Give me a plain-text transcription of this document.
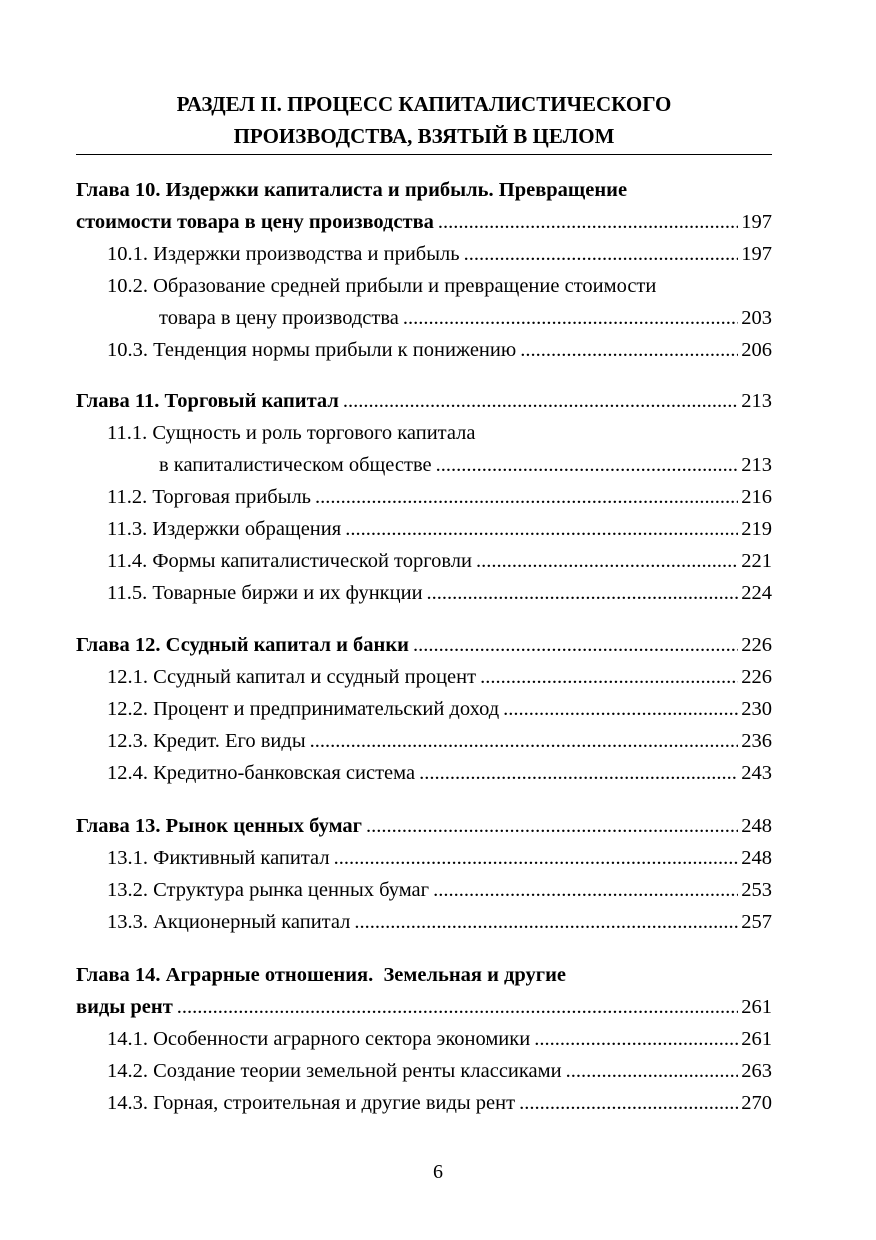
РАЗДЕЛ II. ПРОЦЕСС КАПИТАЛИСТИЧЕСКОГО
ПРОИЗВОДСТВА, ВЗЯТЫЙ В ЦЕЛОМ
Глава 10. Издержки капиталиста и прибыль. Превращение
стоимости товара в цену производства .....	197
10.1. Издержки производства и прибыль .....	197
10.2. Образование средней прибыли и превращение стоимости
товара в цену производства .....	203
10.3. Тенденция нормы прибыли к понижению .....	206
Глава 11. Торговый капитал .....	213
11.1. Сущность и роль торгового капитала
в капиталистическом обществе .....	213
11.2. Торговая прибыль .....	216
11.3. Издержки обращения .....	219
11.4. Формы капиталистической торговли .....	221
11.5. Товарные биржи и их функции .....	224
Глава 12. Ссудный капитал и банки .....	226
12.1. Ссудный капитал и ссудный процент .....	226
12.2. Процент и предпринимательский доход .....	230
12.3. Кредит. Его виды .....	236
12.4. Кредитно-банковская система .....	243
Глава 13. Рынок ценных бумаг .....	248
13.1. Фиктивный капитал .....	248
13.2. Структура рынка ценных бумаг .....	253
13.3. Акционерный капитал .....	257
Глава 14. Аграрные отношения.  Земельная и другие
виды рент .....	261
14.1. Особенности аграрного сектора экономики .....	261
14.2. Создание теории земельной ренты классиками .....	263
14.3. Горная, строительная и другие виды рент .....	270
6
